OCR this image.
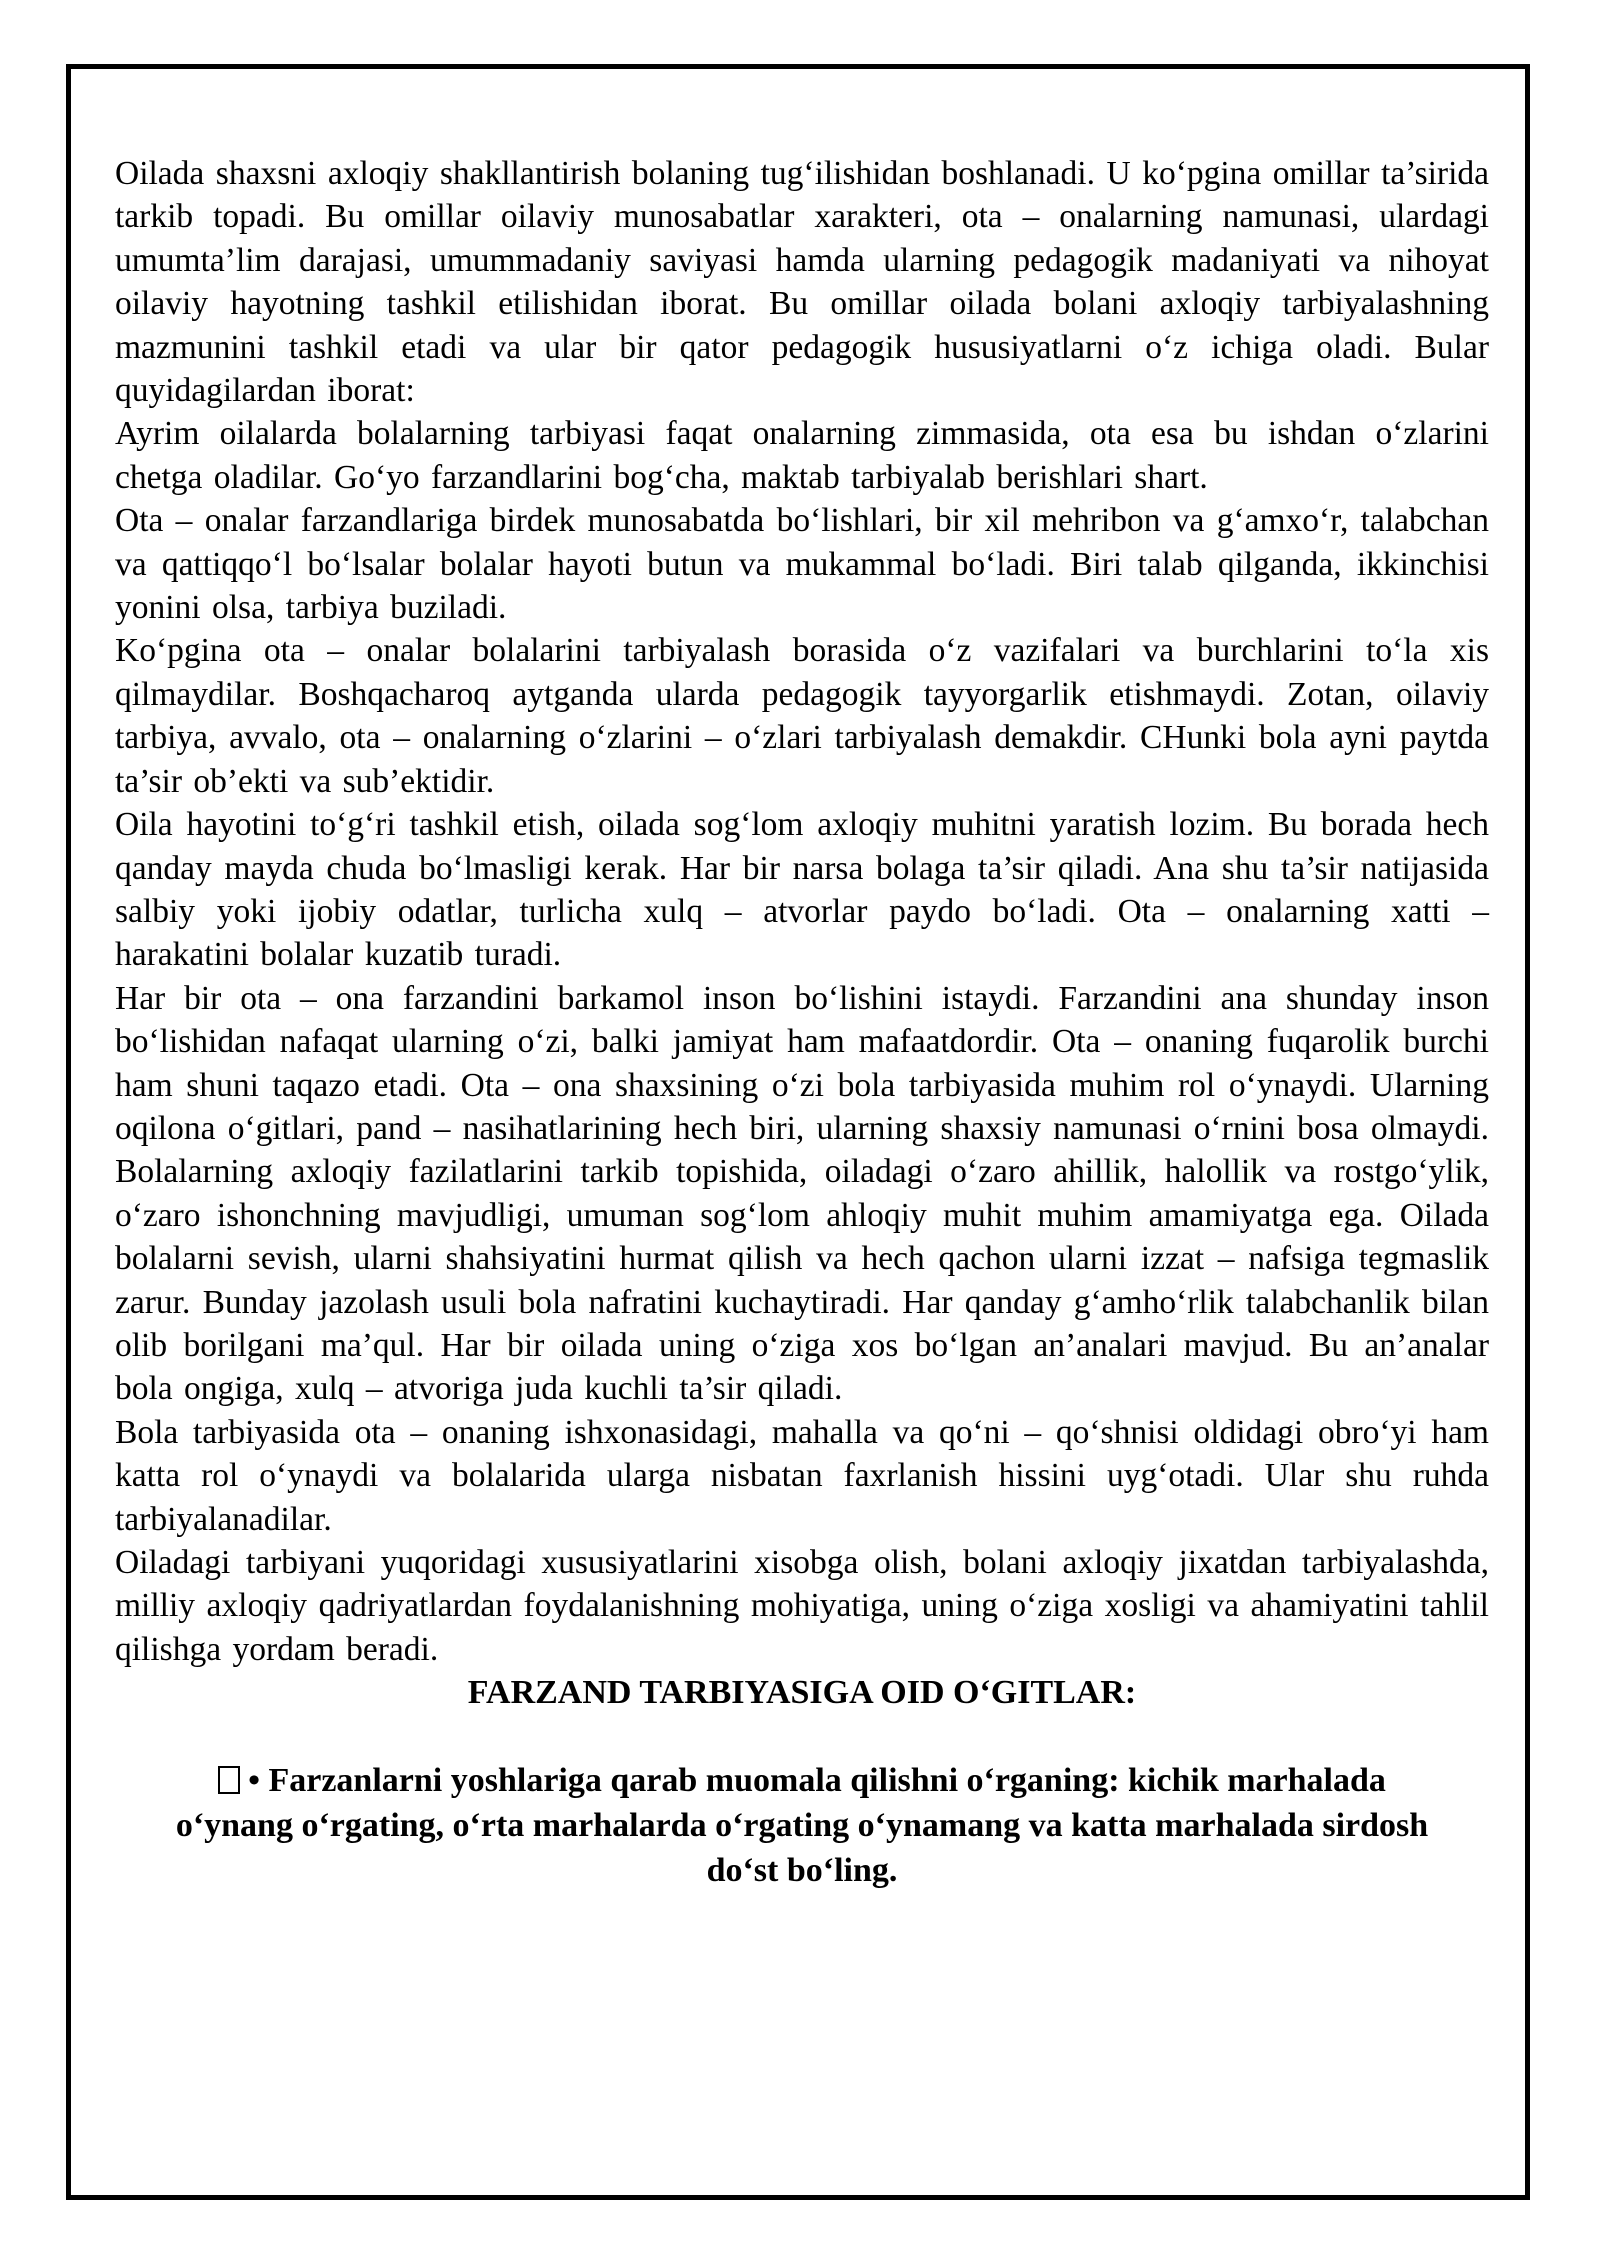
Oilada shaxsni axloqiy shakllantirish bolaning tug‘ilishidan boshlanadi. U ko‘pgina omillar ta’sirida tarkib topadi. Bu omillar oilaviy munosabatlar xarakteri, ota – onalarning namunasi, ulardagi umumta’lim darajasi, umummadaniy saviyasi hamda ularning pedagogik madaniyati va nihoyat oilaviy hayotning tashkil etilishidan iborat. Bu omillar oilada bolani axloqiy tarbiyalashning mazmunini tashkil etadi va ular bir qator pedagogik hususiyatlarni o‘z ichiga oladi. Bular quyidagilardan iborat:

Ayrim oilalarda bolalarning tarbiyasi faqat onalarning zimmasida, ota esa bu ishdan o‘zlarini chetga oladilar. Go‘yo farzandlarini bog‘cha, maktab tarbiyalab berishlari shart.

Ota – onalar farzandlariga birdek munosabatda bo‘lishlari, bir xil mehribon va g‘amxo‘r, talabchan va qattiqqo‘l bo‘lsalar bolalar hayoti butun va mukammal bo‘ladi. Biri talab qilganda, ikkinchisi yonini olsa, tarbiya buziladi.

Ko‘pgina ota – onalar bolalarini tarbiyalash borasida o‘z vazifalari va burchlarini to‘la xis qilmaydilar. Boshqacharoq aytganda ularda pedagogik tayyorgarlik etishmaydi. Zotan, oilaviy tarbiya, avvalo, ota – onalarning o‘zlarini – o‘zlari tarbiyalash demakdir. CHunki bola ayni paytda ta’sir ob’ekti va sub’ektidir.

Oila hayotini to‘g‘ri tashkil etish, oilada sog‘lom axloqiy muhitni yaratish lozim. Bu borada hech qanday mayda chuda bo‘lmasligi kerak. Har bir narsa bolaga ta’sir qiladi. Ana shu ta’sir natijasida salbiy yoki ijobiy odatlar, turlicha xulq – atvorlar paydo bo‘ladi. Ota – onalarning xatti – harakatini bolalar kuzatib turadi.

Har bir ota – ona farzandini barkamol inson bo‘lishini istaydi. Farzandini ana shunday inson bo‘lishidan nafaqat ularning o‘zi, balki jamiyat ham mafaatdordir. Ota – onaning fuqarolik burchi ham shuni taqazo etadi. Ota – ona shaxsining o‘zi bola tarbiyasida muhim rol o‘ynaydi. Ularning oqilona o‘gitlari, pand – nasihatlarining hech biri, ularning shaxsiy namunasi o‘rnini bosa olmaydi. Bolalarning axloqiy fazilatlarini tarkib topishida, oiladagi o‘zaro ahillik, halollik va rostgo‘ylik, o‘zaro ishonchning mavjudligi, umuman sog‘lom ahloqiy muhit muhim amamiyatga ega. Oilada bolalarni sevish, ularni shahsiyatini hurmat qilish va hech qachon ularni izzat – nafsiga tegmaslik zarur. Bunday jazolash usuli bola nafratini kuchaytiradi. Har qanday g‘amho‘rlik talabchanlik bilan olib borilgani ma’qul. Har bir oilada uning o‘ziga xos bo‘lgan an’analari mavjud. Bu an’analar bola ongiga, xulq – atvoriga juda kuchli ta’sir qiladi.

Bola tarbiyasida ota – onaning ishxonasidagi, mahalla va qo‘ni – qo‘shnisi oldidagi obro‘yi ham katta rol o‘ynaydi va bolalarida ularga nisbatan faxrlanish hissini uyg‘otadi. Ular shu ruhda tarbiyalanadilar.

Oiladagi tarbiyani yuqoridagi xususiyatlarini xisobga olish, bolani axloqiy jixatdan tarbiyalashda, milliy axloqiy qadriyatlardan foydalanishning mohiyatiga, uning o‘ziga xosligi va ahamiyatini tahlil qilishga yordam beradi.

FARZAND TARBIYASIGA OID O‘GITLAR:

• Farzanlarni yoshlariga qarab muomala qilishni o‘rganing: kichik marhalada o‘ynang o‘rgating, o‘rta marhalarda o‘rgating o‘ynamang va katta marhalada sirdosh do‘st bo‘ling.
